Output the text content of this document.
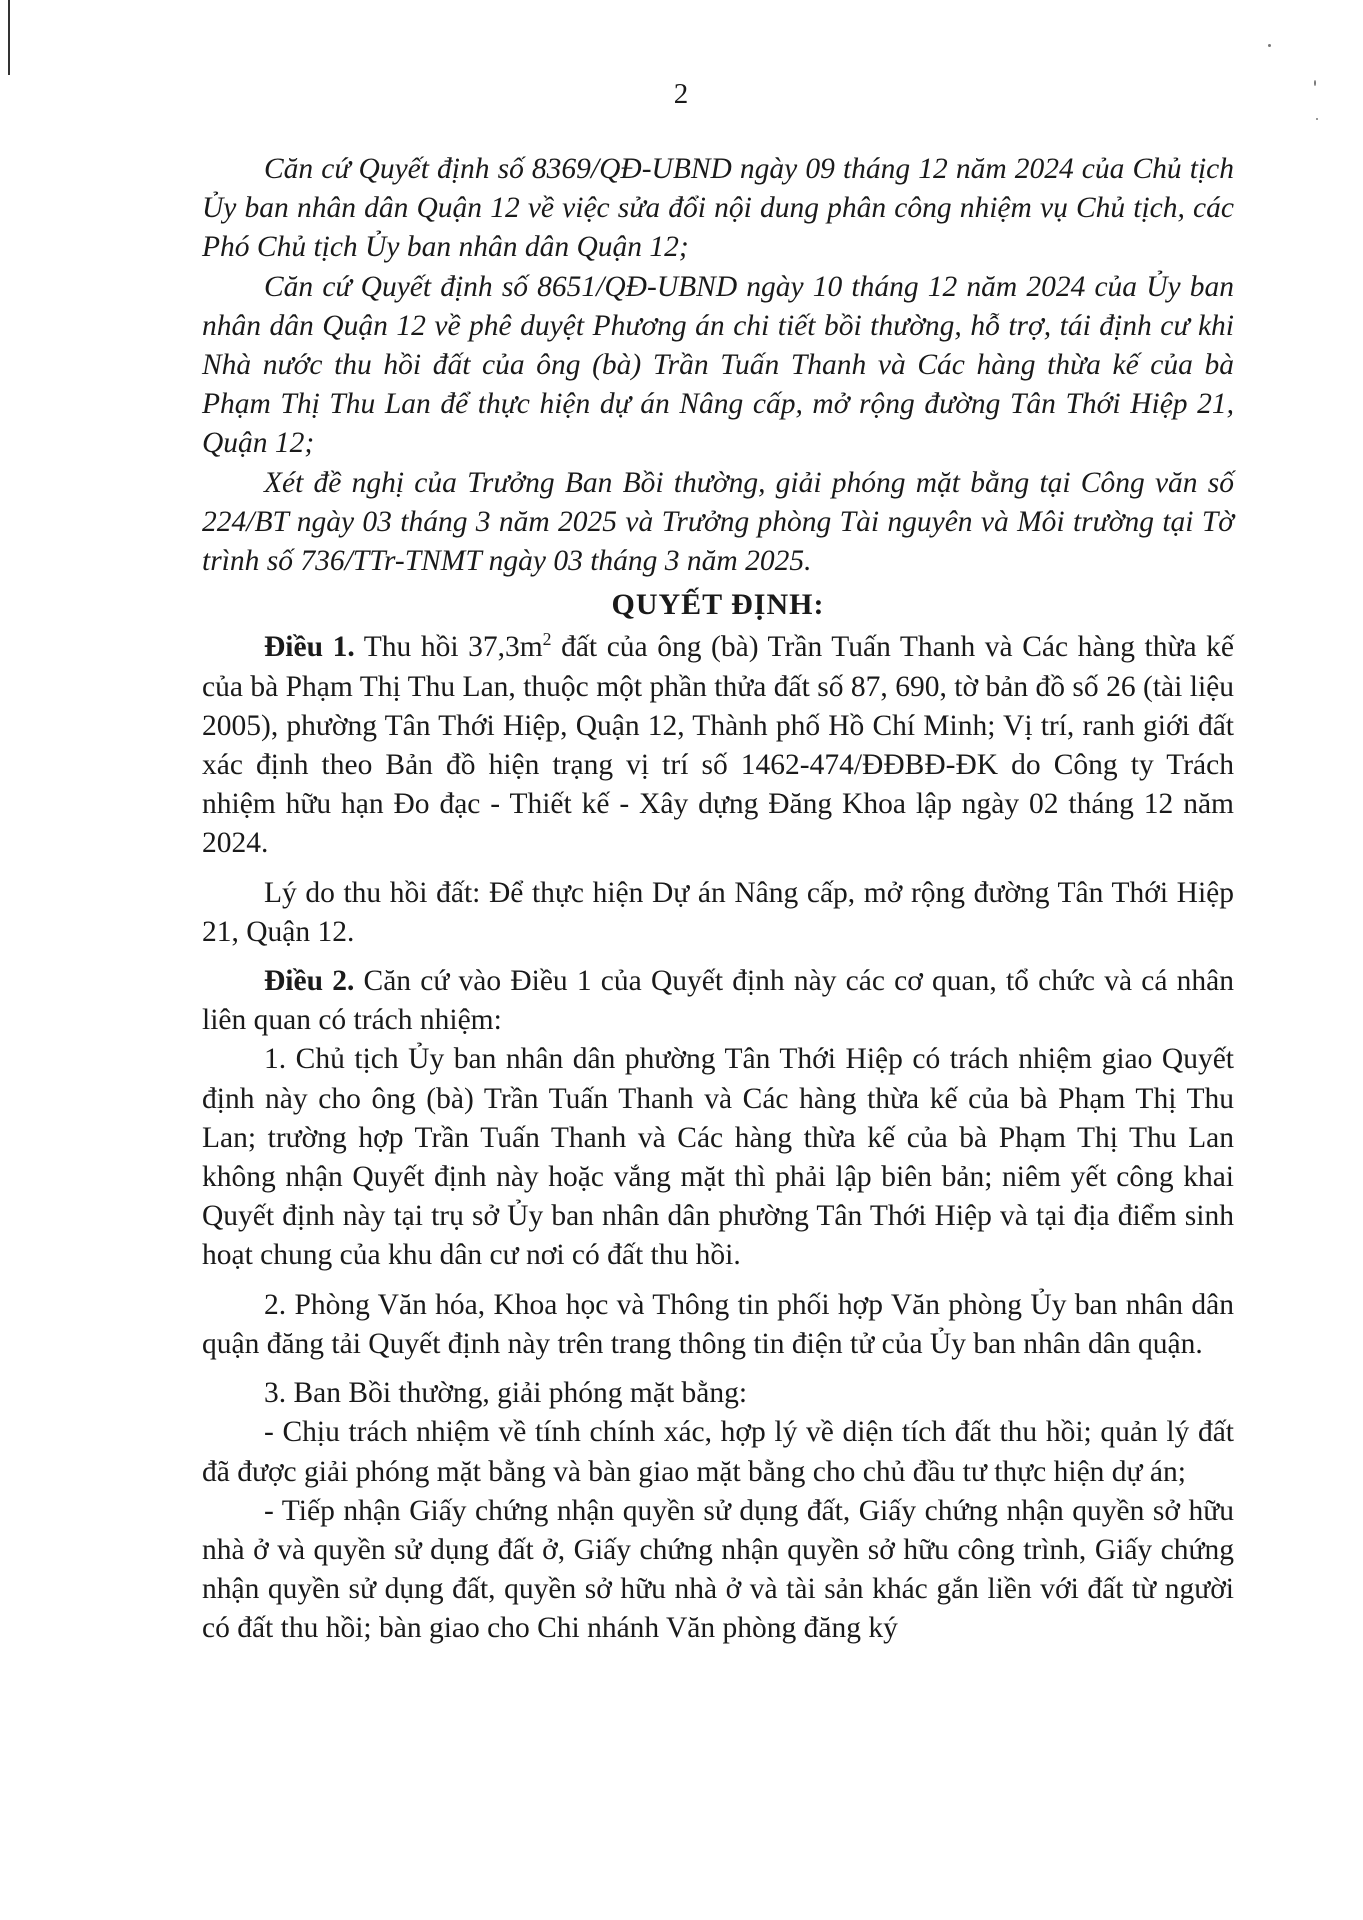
2

Căn cứ Quyết định số 8369/QĐ-UBND ngày 09 tháng 12 năm 2024 của Chủ tịch Ủy ban nhân dân Quận 12 về việc sửa đổi nội dung phân công nhiệm vụ Chủ tịch, các Phó Chủ tịch Ủy ban nhân dân Quận 12;

Căn cứ Quyết định số 8651/QĐ-UBND ngày 10 tháng 12 năm 2024 của Ủy ban nhân dân Quận 12 về phê duyệt Phương án chi tiết bồi thường, hỗ trợ, tái định cư khi Nhà nước thu hồi đất của ông (bà) Trần Tuấn Thanh và Các hàng thừa kế của bà Phạm Thị Thu Lan để thực hiện dự án Nâng cấp, mở rộng đường Tân Thới Hiệp 21, Quận 12;

Xét đề nghị của Trưởng Ban Bồi thường, giải phóng mặt bằng tại Công văn số 224/BT ngày 03 tháng 3 năm 2025 và Trưởng phòng Tài nguyên và Môi trường tại Tờ trình số 736/TTr-TNMT ngày 03 tháng 3 năm 2025.

QUYẾT ĐỊNH:

Điều 1. Thu hồi $37,3m^2$ đất của ông (bà) Trần Tuấn Thanh và Các hàng thừa kế của bà Phạm Thị Thu Lan, thuộc một phần thửa đất số 87, 690, tờ bản đồ số 26 (tài liệu 2005), phường Tân Thới Hiệp, Quận 12, Thành phố Hồ Chí Minh; Vị trí, ranh giới đất xác định theo Bản đồ hiện trạng vị trí số 1462-474/ĐĐBĐ-ĐK do Công ty Trách nhiệm hữu hạn Đo đạc - Thiết kế - Xây dựng Đăng Khoa lập ngày 02 tháng 12 năm 2024.

Lý do thu hồi đất: Để thực hiện Dự án Nâng cấp, mở rộng đường Tân Thới Hiệp 21, Quận 12.

Điều 2. Căn cứ vào Điều 1 của Quyết định này các cơ quan, tổ chức và cá nhân liên quan có trách nhiệm:

1. Chủ tịch Ủy ban nhân dân phường Tân Thới Hiệp có trách nhiệm giao Quyết định này cho ông (bà) Trần Tuấn Thanh và Các hàng thừa kế của bà Phạm Thị Thu Lan; trường hợp Trần Tuấn Thanh và Các hàng thừa kế của bà Phạm Thị Thu Lan không nhận Quyết định này hoặc vắng mặt thì phải lập biên bản; niêm yết công khai Quyết định này tại trụ sở Ủy ban nhân dân phường Tân Thới Hiệp và tại địa điểm sinh hoạt chung của khu dân cư nơi có đất thu hồi.

2. Phòng Văn hóa, Khoa học và Thông tin phối hợp Văn phòng Ủy ban nhân dân quận đăng tải Quyết định này trên trang thông tin điện tử của Ủy ban nhân dân quận.

3. Ban Bồi thường, giải phóng mặt bằng:

- Chịu trách nhiệm về tính chính xác, hợp lý về diện tích đất thu hồi; quản lý đất đã được giải phóng mặt bằng và bàn giao mặt bằng cho chủ đầu tư thực hiện dự án;

- Tiếp nhận Giấy chứng nhận quyền sử dụng đất, Giấy chứng nhận quyền sở hữu nhà ở và quyền sử dụng đất ở, Giấy chứng nhận quyền sở hữu công trình, Giấy chứng nhận quyền sử dụng đất, quyền sở hữu nhà ở và tài sản khác gắn liền với đất từ người có đất thu hồi; bàn giao cho Chi nhánh Văn phòng đăng ký
